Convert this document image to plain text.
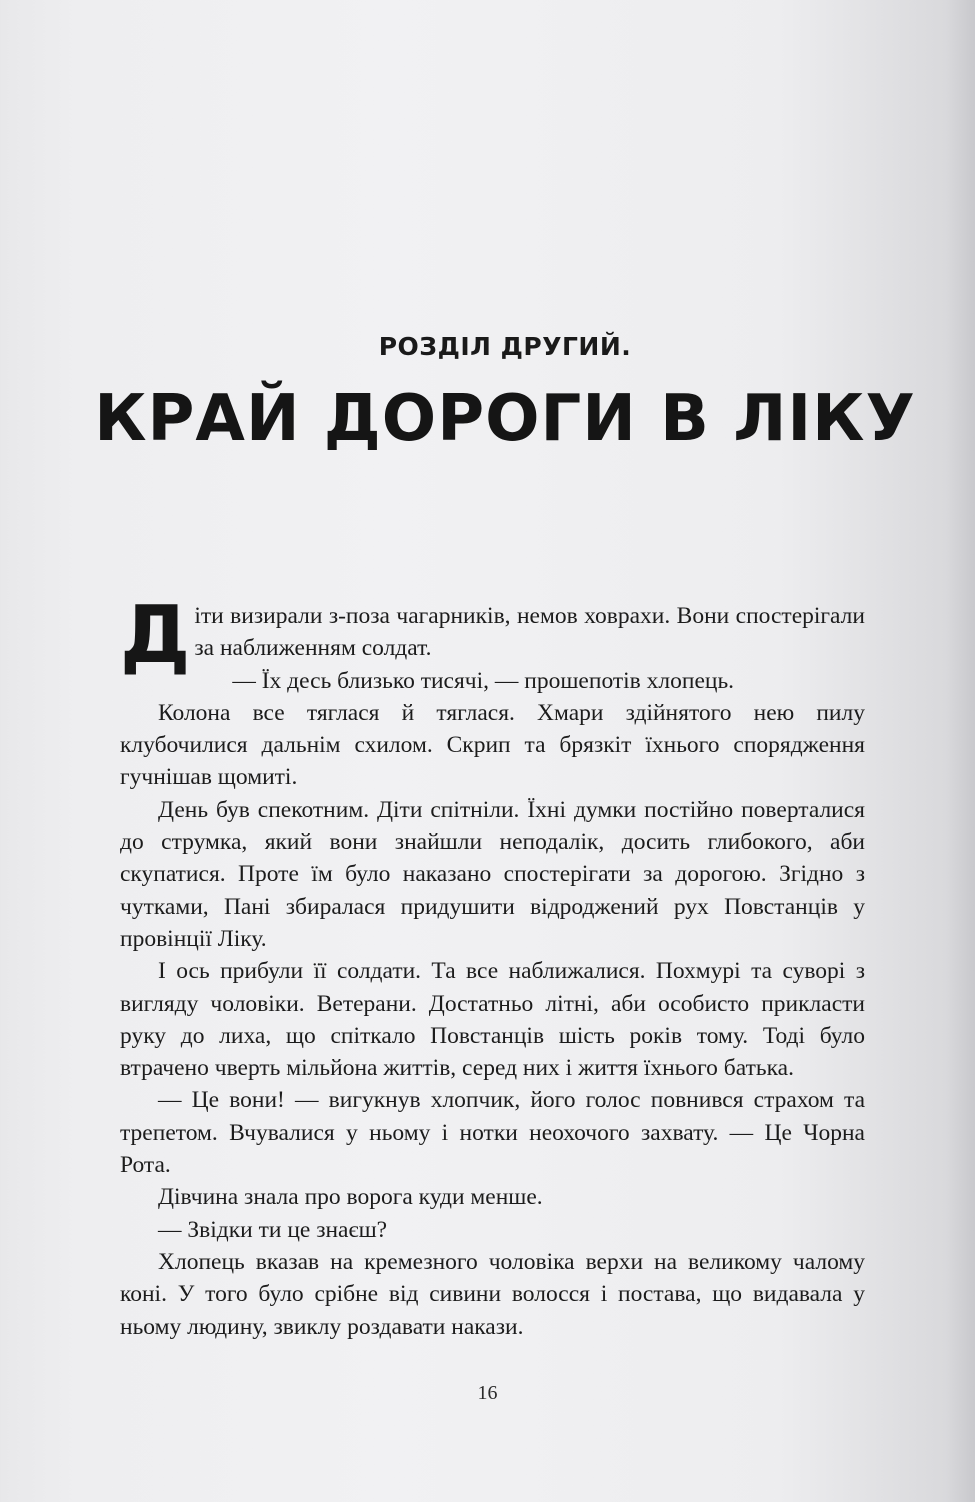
РОЗДІЛ ДРУГИЙ.
КРАЙ ДОРОГИ В ЛІКУ

Діти визирали з-поза чагарників, немов ховрахи. Вони спостерігали за наближенням солдат.

— Їх десь близько тисячі, — прошепотів хлопець.

Колона все тяглася й тяглася. Хмари здійнятого нею пилу клубочилися дальнім схилом. Скрип та брязкіт їхнього спорядження гучнішав щомиті.

День був спекотним. Діти спітніли. Їхні думки постійно поверталися до струмка, який вони знайшли неподалік, досить глибокого, аби скупатися. Проте їм було наказано спостерігати за дорогою. Згідно з чутками, Пані збиралася придушити відроджений рух Повстанців у провінції Ліку.

І ось прибули її солдати. Та все наближалися. Похмурі та суворі з вигляду чоловіки. Ветерани. Достатньо літні, аби особисто прикласти руку до лиха, що спіткало Повстанців шість років тому. Тоді було втрачено чверть мільйона життів, серед них і життя їхнього батька.

— Це вони! — вигукнув хлопчик, його голос повнився страхом та трепетом. Вчувалися у ньому і нотки неохочого захвату. — Це Чорна Рота.

Дівчина знала про ворога куди менше.

— Звідки ти це знаєш?

Хлопець вказав на кремезного чоловіка верхи на великому чалому коні. У того було срібне від сивини волосся і постава, що видавала у ньому людину, звиклу роздавати накази.

16
